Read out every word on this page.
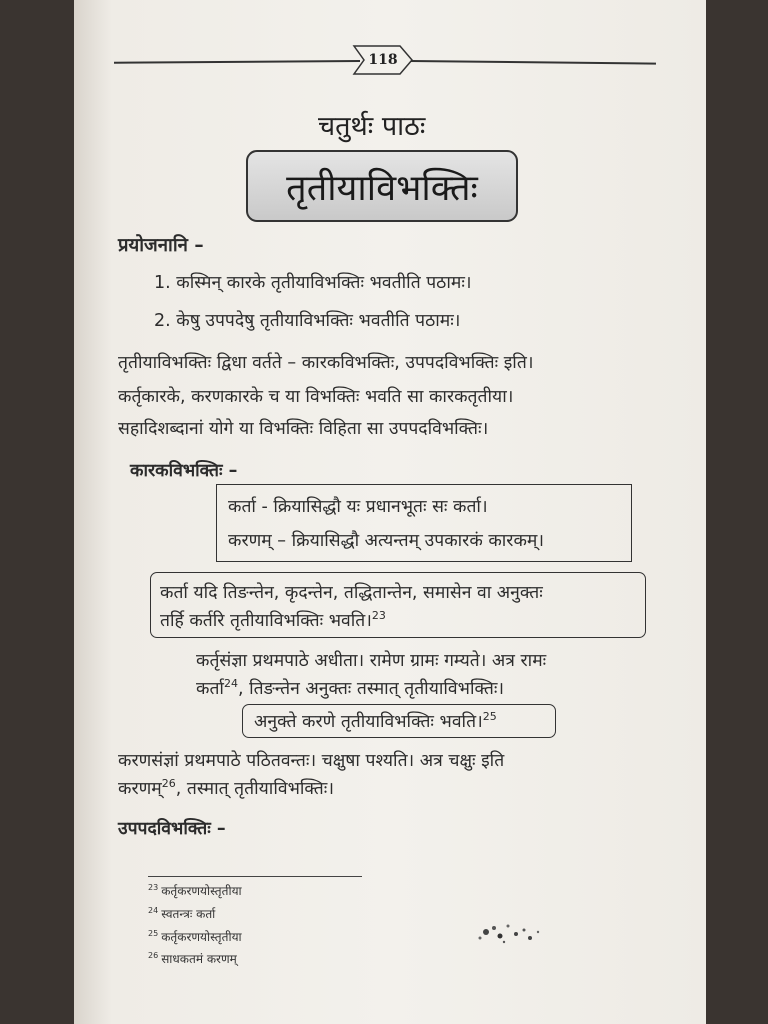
118
चतुर्थः पाठः
तृतीयाविभक्तिः
प्रयोजनानि –
1. कस्मिन् कारके तृतीयाविभक्तिः भवतीति पठामः।
2. केषु उपपदेषु तृतीयाविभक्तिः भवतीति पठामः।
तृतीयाविभक्तिः द्विधा वर्तते – कारकविभक्तिः, उपपदविभक्तिः इति।
कर्तृकारके, करणकारके च या विभक्तिः भवति सा कारकतृतीया।
सहादिशब्दानां योगे या विभक्तिः विहिता सा उपपदविभक्तिः।
कारकविभक्तिः –
कर्ता - क्रियासिद्धौ यः प्रधानभूतः सः कर्ता।
करणम् – क्रियासिद्धौ अत्यन्तम् उपकारकं कारकम्।
कर्ता यदि तिङन्तेन, कृदन्तेन, तद्धितान्तेन, समासेन वा अनुक्तः
तर्हि कर्तरि तृतीयाविभक्तिः भवति।$^{23}$
कर्तृसंज्ञा प्रथमपाठे अधीता। रामेण ग्रामः गम्यते। अत्र रामः
कर्ता$^{24}$, तिङन्तेन अनुक्तः तस्मात् तृतीयाविभक्तिः।
अनुक्ते करणे तृतीयाविभक्तिः भवति।$^{25}$
करणसंज्ञां प्रथमपाठे पठितवन्तः। चक्षुषा पश्यति। अत्र चक्षुः इति
करणम्$^{26}$, तस्मात् तृतीयाविभक्तिः।
उपपदविभक्तिः –
$^{23}$ कर्तृकरणयोस्तृतीया
$^{24}$ स्वतन्त्रः कर्ता
$^{25}$ कर्तृकरणयोस्तृतीया
$^{26}$ साधकतमं करणम्
